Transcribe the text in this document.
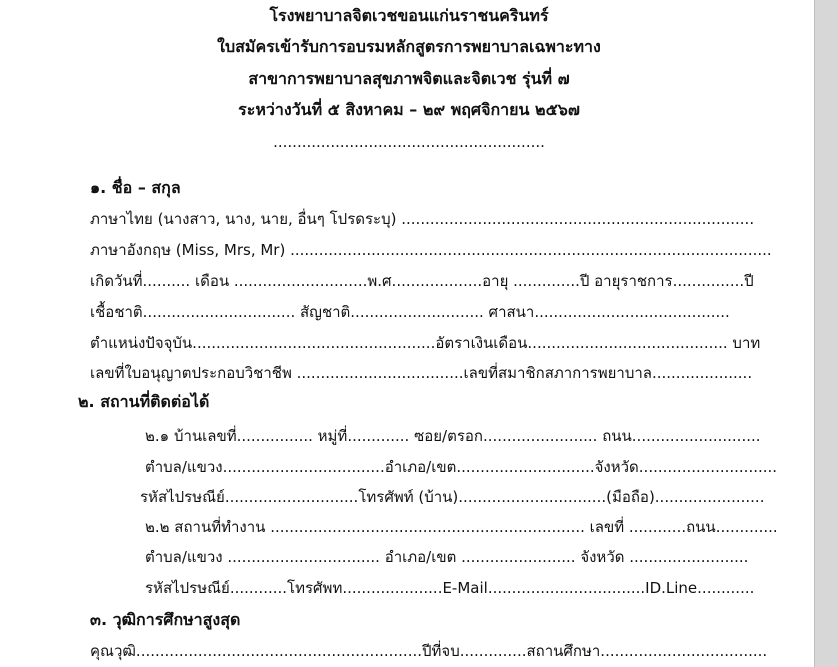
โรงพยาบาลจิตเวชขอนแก่นราชนครินทร์
ใบสมัครเข้ารับการอบรมหลักสูตรการพยาบาลเฉพาะทาง
สาขาการพยาบาลสุขภาพจิตและจิตเวช รุ่นที่ ๗
ระหว่างวันที่ ๕ สิงหาคม – ๒๙ พฤศจิกายน ๒๕๖๗
.........................................................
๑. ชื่อ – สกุล
ภาษาไทย (นางสาว, นาง, นาย, อื่นๆ โปรดระบุ) ..........................................................................
ภาษาอังกฤษ (Miss, Mrs, Mr) .....................................................................................................
เกิดวันที่.......... เดือน ............................พ.ศ...................อายุ ..............ปี อายุราชการ...............ปี
เชื้อชาติ................................ สัญชาติ............................ ศาสนา.........................................
ตำแหน่งปัจจุบัน...................................................อัตราเงินเดือน.......................................... บาท
เลขที่ใบอนุญาตประกอบวิชาชีพ ...................................เลขที่สมาชิกสภาการพยาบาล.....................
๒. สถานที่ติดต่อได้
๒.๑ บ้านเลขที่................ หมู่ที่............. ซอย/ตรอก........................ ถนน...........................
ตำบล/แขวง..................................อำเภอ/เขต.............................จังหวัด.............................
รหัสไปรษณีย์............................โทรศัพท์ (บ้าน)...............................(มือถือ).......................
๒.๒ สถานที่ทำงาน .................................................................. เลขที่ ............ถนน.............
ตำบล/แขวง ................................ อำเภอ/เขต ........................ จังหวัด .........................
รหัสไปรษณีย์............โทรศัพท.....................E-Mail.................................ID.Line............
๓. วุฒิการศึกษาสูงสุด
คุณวุฒิ............................................................ปีที่จบ..............สถานศึกษา...................................
